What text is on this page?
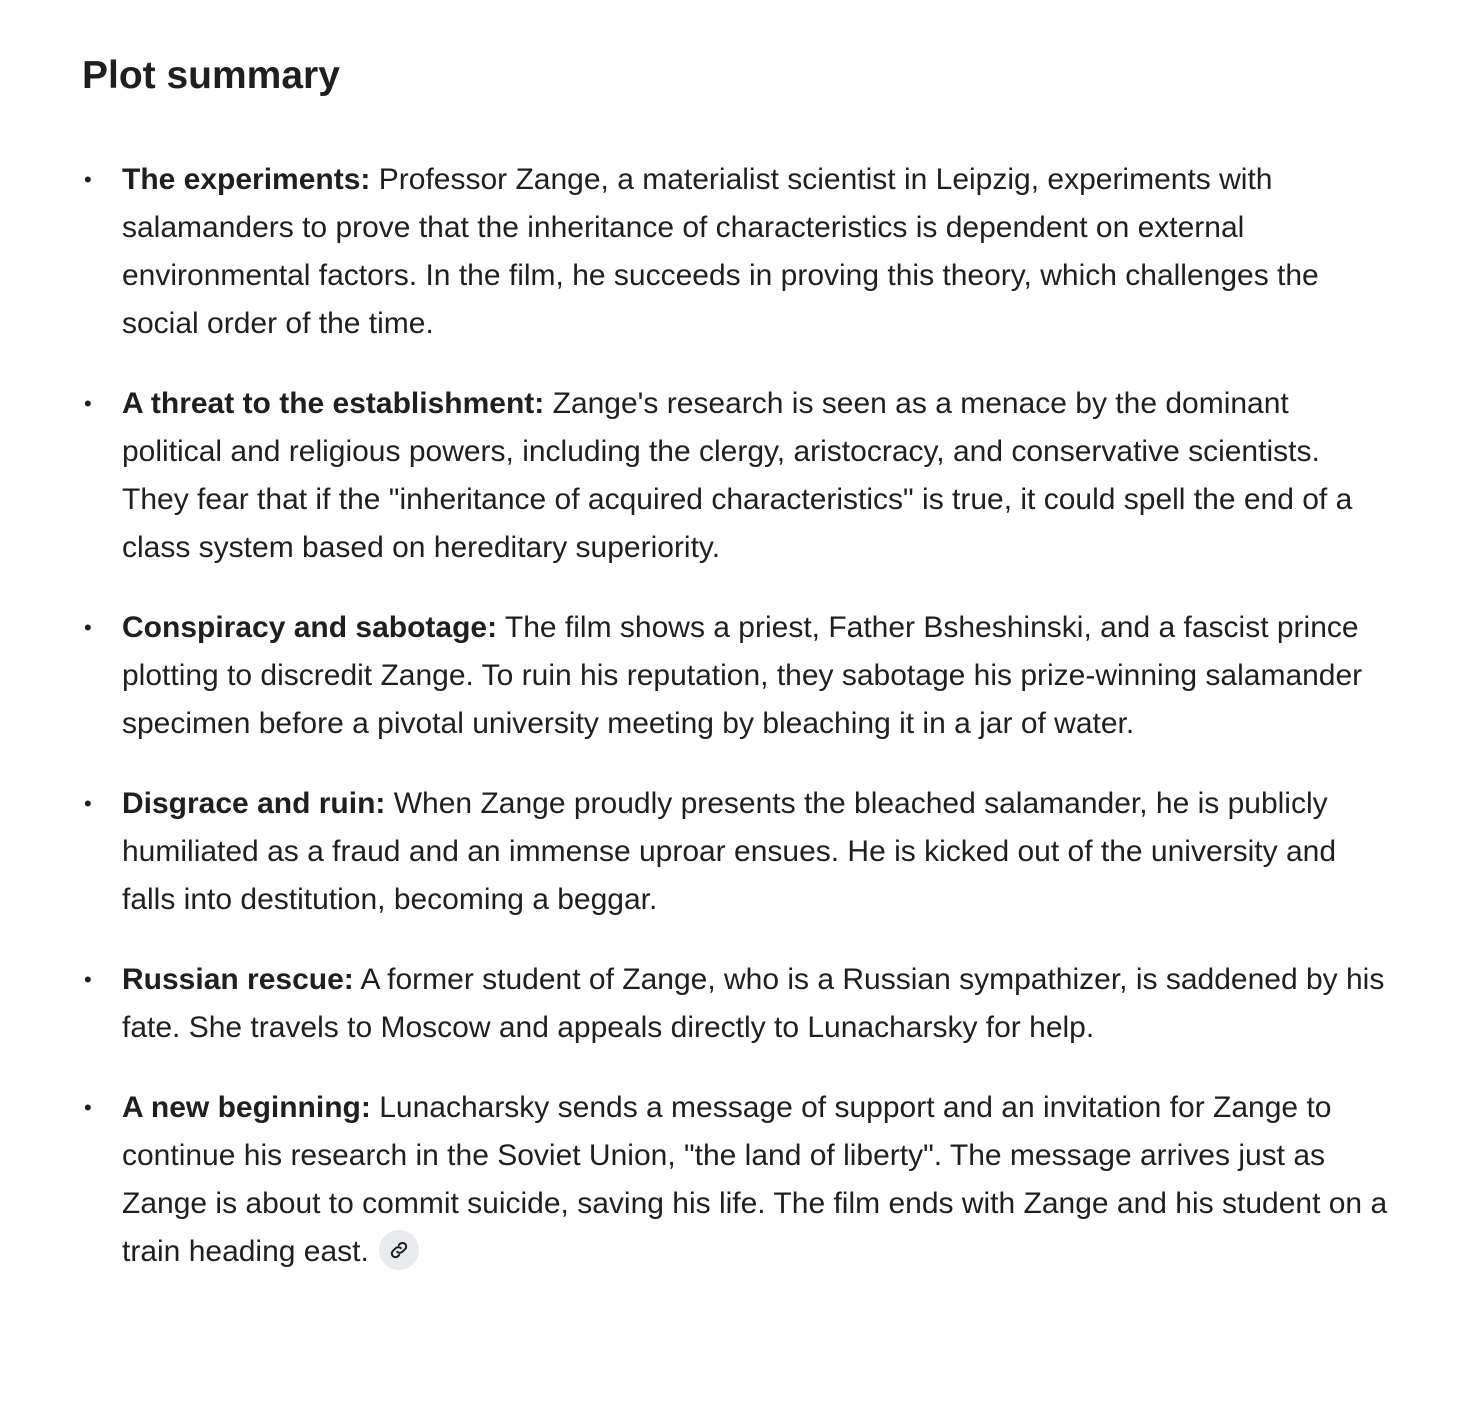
Plot summary
• The experiments: Professor Zange, a materialist scientist in Leipzig, experiments with salamanders to prove that the inheritance of characteristics is dependent on external environmental factors. In the film, he succeeds in proving this theory, which challenges the social order of the time.
• A threat to the establishment: Zange's research is seen as a menace by the dominant political and religious powers, including the clergy, aristocracy, and conservative scientists. They fear that if the "inheritance of acquired characteristics" is true, it could spell the end of a class system based on hereditary superiority.
• Conspiracy and sabotage: The film shows a priest, Father Bsheshinski, and a fascist prince plotting to discredit Zange. To ruin his reputation, they sabotage his prize-winning salamander specimen before a pivotal university meeting by bleaching it in a jar of water.
• Disgrace and ruin: When Zange proudly presents the bleached salamander, he is publicly humiliated as a fraud and an immense uproar ensues. He is kicked out of the university and falls into destitution, becoming a beggar.
• Russian rescue: A former student of Zange, who is a Russian sympathizer, is saddened by his fate. She travels to Moscow and appeals directly to Lunacharsky for help.
• A new beginning: Lunacharsky sends a message of support and an invitation for Zange to continue his research in the Soviet Union, "the land of liberty". The message arrives just as Zange is about to commit suicide, saving his life. The film ends with Zange and his student on a train heading east.
